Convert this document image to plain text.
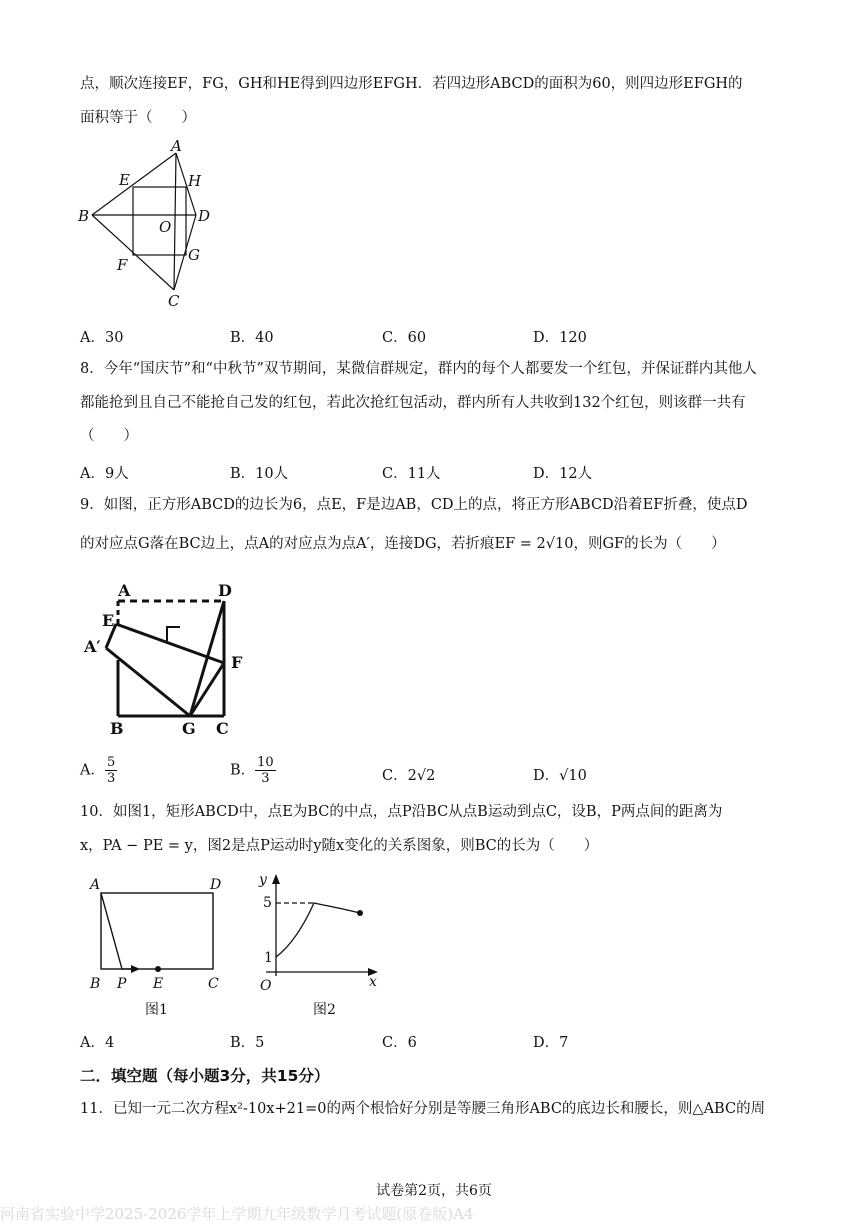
点，顺次连接EF，FG，GH和HE得到四边形EFGH．若四边形ABCD的面积为60，则四边形EFGH的
面积等于（　　）
A
B
C
D
E	H
O
F
G
A．30	B．40	C．60	D．120
8．今年“国庆节”和“中秋节”双节期间，某微信群规定，群内的每个人都要发一个红包，并保证群内其他人
都能抢到且自己不能抢自己发的红包，若此次抢红包活动，群内所有人共收到132个红包，则该群一共有
（　　）
A．9人	B．10人	C．11人	D．12人
9．如图，正方形ABCD的边长为6，点E，F是边AB，CD上的点，将正方形ABCD沿着EF折叠，使点D
的对应点G落在BC边上，点A的对应点为点A′，连接DG，若折痕EF = 2√10，则GF的长为（　　）
A	D
E
A′
F
B	G C
A． $\frac{5}{3}$	B． $\frac{10}{3}$	C．2√2	D．√10
10．如图1，矩形ABCD中，点E为BC的中点，点P沿BC从点B运动到点C，设B，P两点间的距离为
x，PA − PE = y，图2是点P运动时y随x变化的关系图象，则BC的长为（　　）
A	D
B P E	C
图1
y
x
O
5
1
图2
A．4	B．5	C．6	D．7
二．填空题（每小题3分，共15分）
11．已知一元二次方程x²-10x+21=0的两个根恰好分别是等腰三角形ABC的底边长和腰长，则△ABC的周
试卷第2页，共6页
河南省实验中学2025-2026学年上学期九年级数学月考试题(原卷版)A4
